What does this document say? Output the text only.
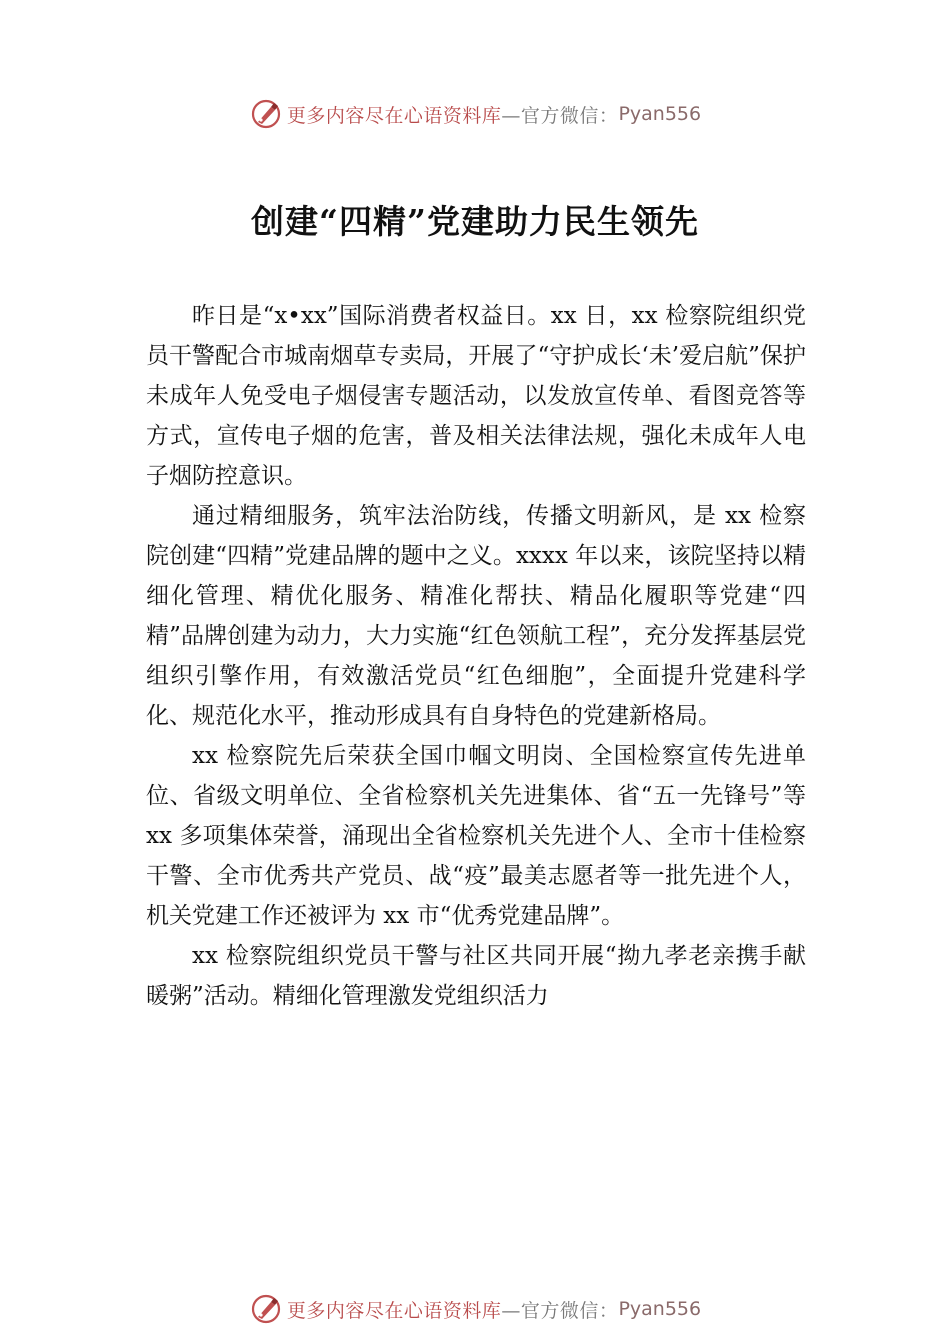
更多内容尽在心语资料库 —官方微信： Pyan556
创建“四精”党建助力民生领先

昨日是“x•xx”国际消费者权益日。xx 日，xx 检察院组织党员干警配合市城南烟草专卖局，开展了“守护成长‘未’爱启航”保护未成年人免受电子烟侵害专题活动，以发放宣传单、看图竞答等方式，宣传电子烟的危害，普及相关法律法规，强化未成年人电子烟防控意识。

通过精细服务，筑牢法治防线，传播文明新风，是 xx 检察院创建“四精”党建品牌的题中之义。xxxx 年以来，该院坚持以精细化管理、精优化服务、精准化帮扶、精品化履职等党建“四精”品牌创建为动力，大力实施“红色领航工程”，充分发挥基层党组织引擎作用，有效激活党员“红色细胞”，全面提升党建科学化、规范化水平，推动形成具有自身特色的党建新格局。

xx 检察院先后荣获全国巾帼文明岗、全国检察宣传先进单位、省级文明单位、全省检察机关先进集体、省“五一先锋号”等 xx 多项集体荣誉，涌现出全省检察机关先进个人、全市十佳检察干警、全市优秀共产党员、战“疫”最美志愿者等一批先进个人，机关党建工作还被评为 xx 市“优秀党建品牌”。

xx 检察院组织党员干警与社区共同开展“拗九孝老亲携手献暖粥”活动。精细化管理激发党组织活力

更多内容尽在心语资料库 —官方微信： Pyan556
